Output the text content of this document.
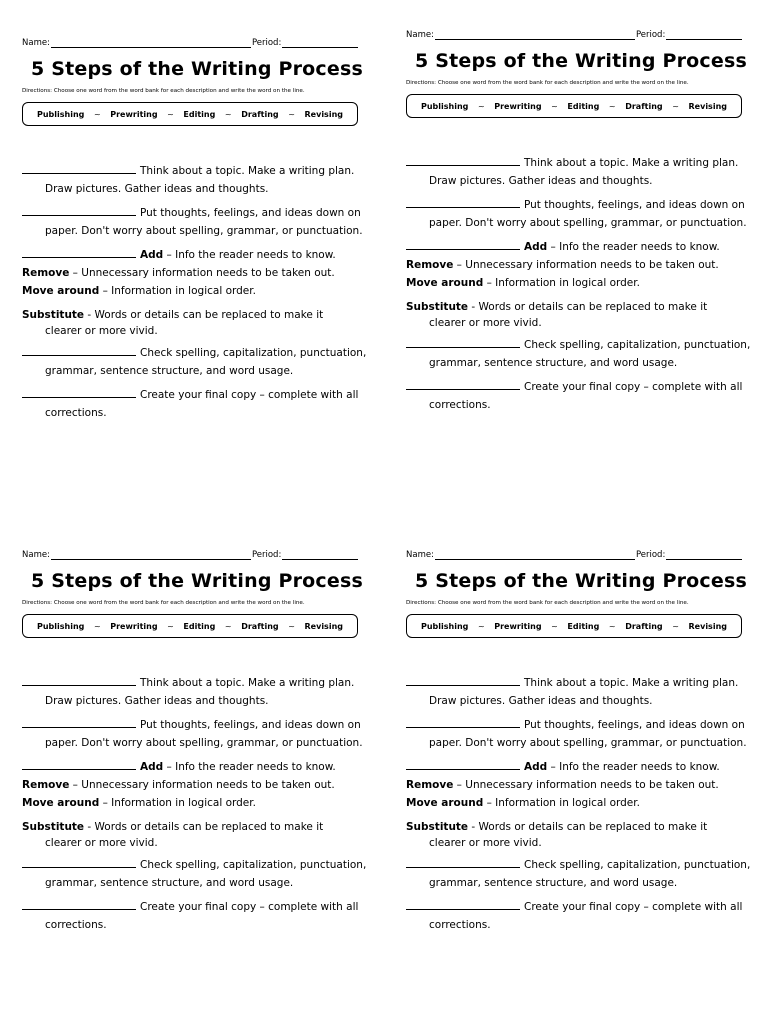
Name:	Period:
5 Steps of the Writing Process
Directions: Choose one word from the word bank for each description and write the word on the line.
Publishing ~ Prewriting ~ Editing ~ Drafting ~ Revising
Think about a topic. Make a writing plan.
Draw pictures. Gather ideas and thoughts.
Put thoughts, feelings, and ideas down on
paper. Don't worry about spelling, grammar, or punctuation.
Add – Info the reader needs to know.
Remove – Unnecessary information needs to be taken out.
Move around – Information in logical order.
Substitute - Words or details can be replaced to make it
clearer or more vivid.
Check spelling, capitalization, punctuation,
grammar, sentence structure, and word usage.
Create your final copy – complete with all
corrections.
Name:	Period:
5 Steps of the Writing Process
Directions: Choose one word from the word bank for each description and write the word on the line.
Publishing ~ Prewriting ~ Editing ~ Drafting ~ Revising
Think about a topic. Make a writing plan.
Draw pictures. Gather ideas and thoughts.
Put thoughts, feelings, and ideas down on
paper. Don't worry about spelling, grammar, or punctuation.
Add – Info the reader needs to know.
Remove – Unnecessary information needs to be taken out.
Move around – Information in logical order.
Substitute - Words or details can be replaced to make it
clearer or more vivid.
Check spelling, capitalization, punctuation,
grammar, sentence structure, and word usage.
Create your final copy – complete with all
corrections.
Name:	Period:
5 Steps of the Writing Process
Directions: Choose one word from the word bank for each description and write the word on the line.
Publishing ~ Prewriting ~ Editing ~ Drafting ~ Revising
Think about a topic. Make a writing plan.
Draw pictures. Gather ideas and thoughts.
Put thoughts, feelings, and ideas down on
paper. Don't worry about spelling, grammar, or punctuation.
Add – Info the reader needs to know.
Remove – Unnecessary information needs to be taken out.
Move around – Information in logical order.
Substitute - Words or details can be replaced to make it
clearer or more vivid.
Check spelling, capitalization, punctuation,
grammar, sentence structure, and word usage.
Create your final copy – complete with all
corrections.
Name:	Period:
5 Steps of the Writing Process
Directions: Choose one word from the word bank for each description and write the word on the line.
Publishing ~ Prewriting ~ Editing ~ Drafting ~ Revising
Think about a topic. Make a writing plan.
Draw pictures. Gather ideas and thoughts.
Put thoughts, feelings, and ideas down on
paper. Don't worry about spelling, grammar, or punctuation.
Add – Info the reader needs to know.
Remove – Unnecessary information needs to be taken out.
Move around – Information in logical order.
Substitute - Words or details can be replaced to make it
clearer or more vivid.
Check spelling, capitalization, punctuation,
grammar, sentence structure, and word usage.
Create your final copy – complete with all
corrections.
